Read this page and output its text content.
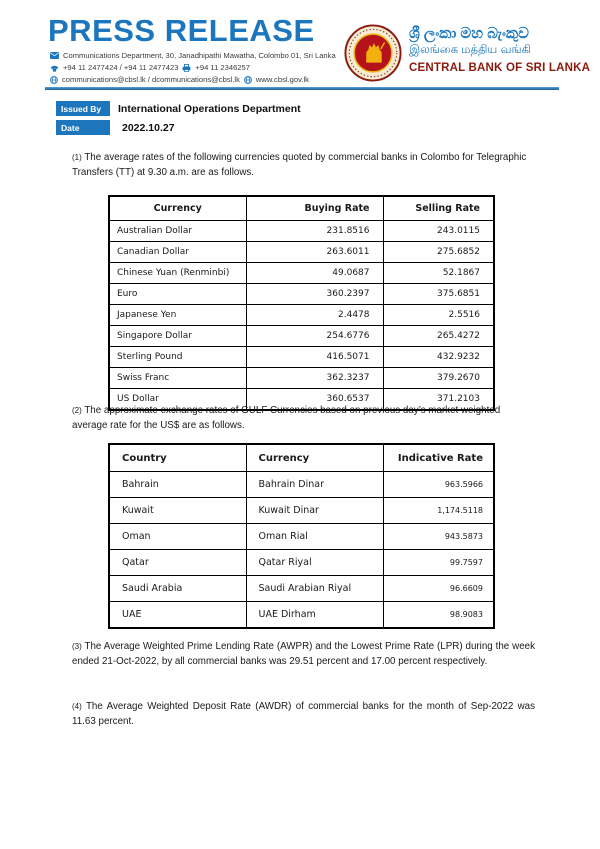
PRESS RELEASE
Communications Department, 30, Janadhipathi Mawatha, Colombo 01, Sri Lanka
+94 11 2477424 / +94 11 2477423 +94 11 2346257
communications@cbsl.lk / dcommunications@cbsl.lk www.cbsl.gov.lk
ශ්‍රී ලංකා මහ බැංකුව
இலங்கை மத்திய வங்கி
CENTRAL BANK OF SRI LANKA
Issued By	International Operations Department
Date	2022.10.27
(1) The average rates of the following currencies quoted by commercial banks in Colombo for Telegraphic Transfers (TT) at 9.30 a.m. are as follows.
Currency	Buying Rate	Selling Rate
Australian Dollar	231.8516	243.0115
Canadian Dollar	263.6011	275.6852
Chinese Yuan (Renminbi)	49.0687	52.1867
Euro	360.2397	375.6851
Japanese Yen	2.4478	2.5516
Singapore Dollar	254.6776	265.4272
Sterling Pound	416.5071	432.9232
Swiss Franc	362.3237	379.2670
US Dollar	360.6537	371.2103
(2) The approximate exchange rates of GULF Currencies based on previous day’s market weighted average rate for the US$ are as follows.
Country	Currency	Indicative Rate
Bahrain	Bahrain Dinar	963.5966
Kuwait	Kuwait Dinar	1,174.5118
Oman	Oman Rial	943.5873
Qatar	Qatar Riyal	99.7597
Saudi Arabia	Saudi Arabian Riyal	96.6609
UAE	UAE Dirham	98.9083
(3) The Average Weighted Prime Lending Rate (AWPR) and the Lowest Prime Rate (LPR) during the week ended 21-Oct-2022, by all commercial banks was 29.51 percent and 17.00 percent respectively.
(4) The Average Weighted Deposit Rate (AWDR) of commercial banks for the month of Sep-2022 was 11.63 percent.
